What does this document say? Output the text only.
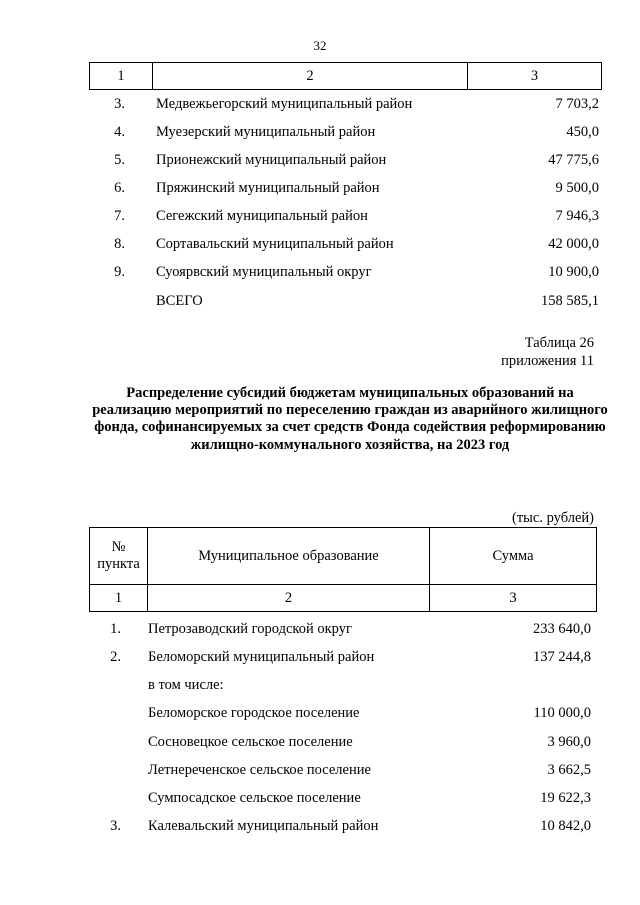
32
1	2	3
3. Медвежьегорский муниципальный район	7 703,2
4. Муезерский муниципальный район	450,0
5. Прионежский муниципальный район	47 775,6
6. Пряжинский муниципальный район	9 500,0
7. Сегежский муниципальный район	7 946,3
8. Сортавальский муниципальный район	42 000,0
9. Суоярвский муниципальный округ	10 900,0
ВСЕГО	158 585,1
Таблица 26
приложения 11
Распределение субсидий бюджетам муниципальных образований на реализацию мероприятий по переселению граждан из аварийного жилищного фонда, софинансируемых за счет средств Фонда содействия реформированию жилищно-коммунального хозяйства, на 2023 год
(тыс. рублей)
№
пункта	Муниципальное образование	Сумма
1	2	3
1. Петрозаводский городской округ	233 640,0
2. Беломорский муниципальный район	137 244,8
в том числе:
Беломорское городское поселение	110 000,0
Сосновецкое сельское поселение	3 960,0
Летнереченское сельское поселение	3 662,5
Сумпосадское сельское поселение	19 622,3
3. Калевальский муниципальный район	10 842,0
